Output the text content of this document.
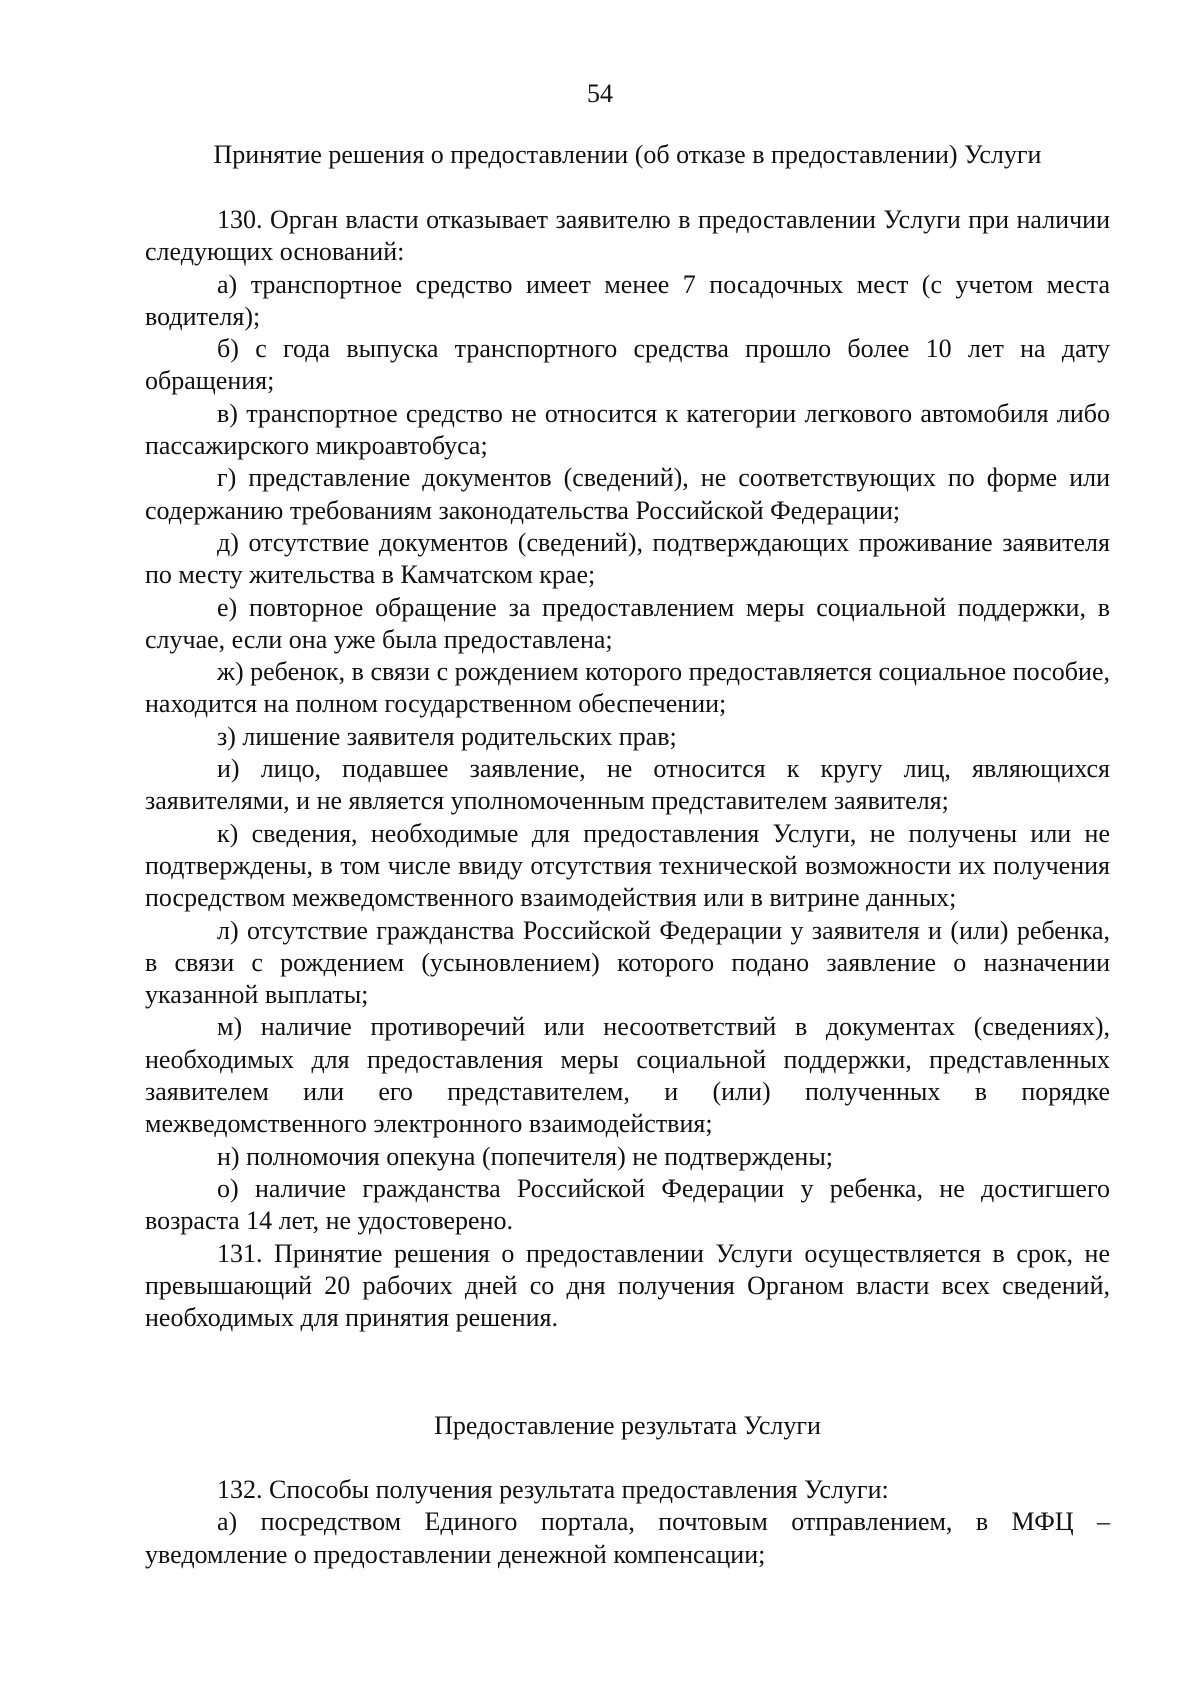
54
Принятие решения о предоставлении (об отказе в предоставлении) Услуги

130. Орган власти отказывает заявителю в предоставлении Услуги при наличии следующих оснований:

а) транспортное средство имеет менее 7 посадочных мест (с учетом места водителя);

б) с года выпуска транспортного средства прошло более 10 лет на дату обращения;

в) транспортное средство не относится к категории легкового автомобиля либо пассажирского микроавтобуса;

г) представление документов (сведений), не соответствующих по форме или содержанию требованиям законодательства Российской Федерации;

д) отсутствие документов (сведений), подтверждающих проживание заявителя по месту жительства в Камчатском крае;

е) повторное обращение за предоставлением меры социальной поддержки, в случае, если она уже была предоставлена;

ж) ребенок, в связи с рождением которого предоставляется социальное пособие, находится на полном государственном обеспечении;

з) лишение заявителя родительских прав;

и) лицо, подавшее заявление, не относится к кругу лиц, являющихся заявителями, и не является уполномоченным представителем заявителя;

к) сведения, необходимые для предоставления Услуги, не получены или не подтверждены, в том числе ввиду отсутствия технической возможности их получения посредством межведомственного взаимодействия или в витрине данных;

л) отсутствие гражданства Российской Федерации у заявителя и (или) ребенка, в связи с рождением (усыновлением) которого подано заявление о назначении указанной выплаты;

м) наличие противоречий или несоответствий в документах (сведениях), необходимых для предоставления меры социальной поддержки, представленных заявителем или его представителем, и (или) полученных в порядке межведомственного электронного взаимодействия;

н) полномочия опекуна (попечителя) не подтверждены;

о) наличие гражданства Российской Федерации у ребенка, не достигшего возраста 14 лет, не удостоверено.

131. Принятие решения о предоставлении Услуги осуществляется в срок, не превышающий 20 рабочих дней со дня получения Органом власти всех сведений, необходимых для принятия решения.

Предоставление результата Услуги

132. Способы получения результата предоставления Услуги:

а) посредством Единого портала, почтовым отправлением, в МФЦ – уведомление о предоставлении денежной компенсации;
